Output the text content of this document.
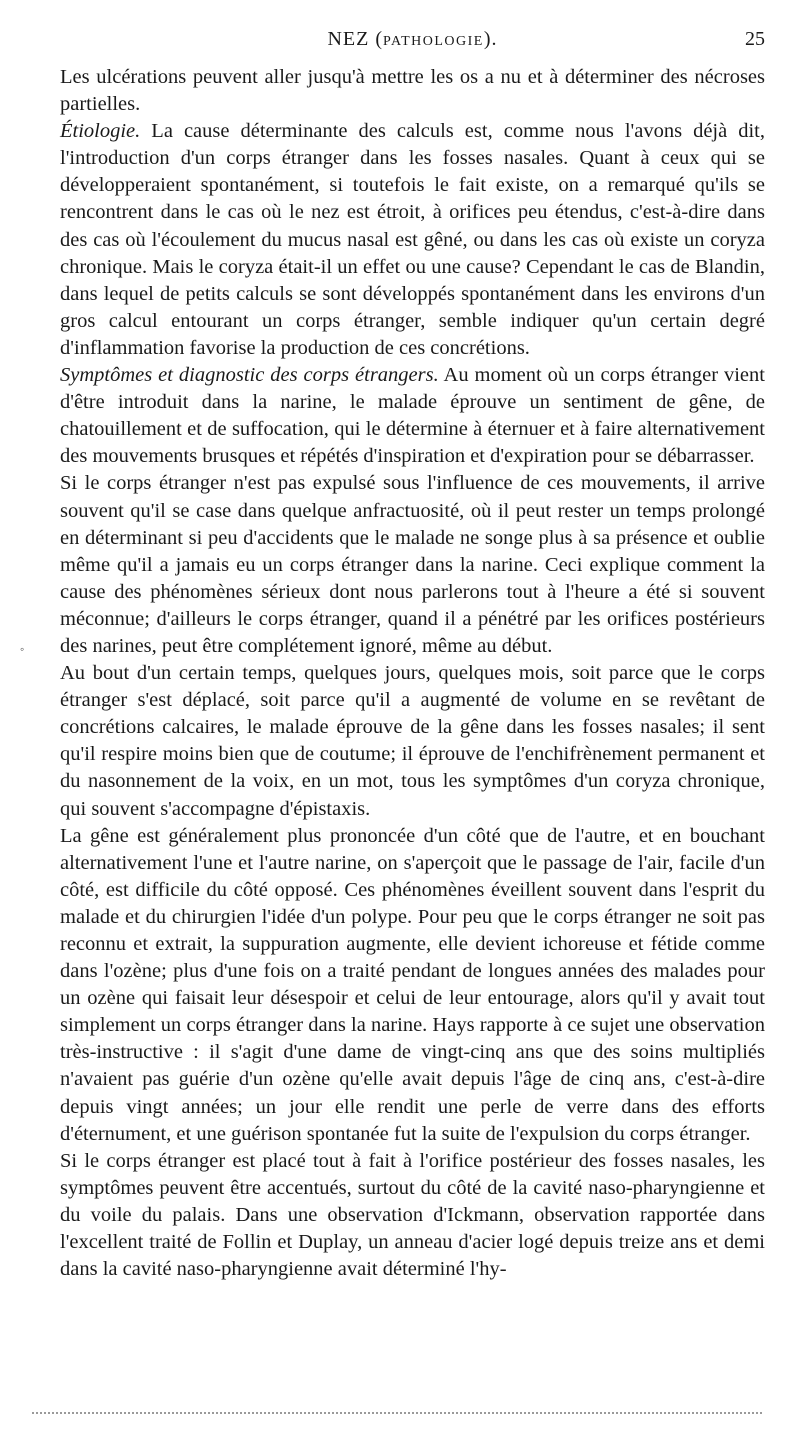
NEZ (PATHOLOGIE).	25
◦

Les ulcérations peuvent aller jusqu'à mettre les os a nu et à déterminer des nécroses partielles.

Étiologie. La cause déterminante des calculs est, comme nous l'avons déjà dit, l'introduction d'un corps étranger dans les fosses nasales. Quant à ceux qui se développeraient spontanément, si toutefois le fait existe, on a remarqué qu'ils se rencontrent dans le cas où le nez est étroit, à orifices peu étendus, c'est-à-dire dans des cas où l'écoulement du mucus nasal est gêné, ou dans les cas où existe un coryza chronique. Mais le coryza était-il un effet ou une cause? Cependant le cas de Blandin, dans lequel de petits calculs se sont développés spontanément dans les environs d'un gros calcul entourant un corps étranger, semble indiquer qu'un certain degré d'inflammation favorise la production de ces concrétions.

Symptômes et diagnostic des corps étrangers. Au moment où un corps étranger vient d'être introduit dans la narine, le malade éprouve un sentiment de gêne, de chatouillement et de suffocation, qui le détermine à éternuer et à faire alternativement des mouvements brusques et répétés d'inspiration et d'expiration pour se débarrasser.

Si le corps étranger n'est pas expulsé sous l'influence de ces mouvements, il arrive souvent qu'il se case dans quelque anfractuosité, où il peut rester un temps prolongé en déterminant si peu d'accidents que le malade ne songe plus à sa présence et oublie même qu'il a jamais eu un corps étranger dans la narine. Ceci explique comment la cause des phénomènes sérieux dont nous parlerons tout à l'heure a été si souvent méconnue; d'ailleurs le corps étranger, quand il a pénétré par les orifices postérieurs des narines, peut être complétement ignoré, même au début.

Au bout d'un certain temps, quelques jours, quelques mois, soit parce que le corps étranger s'est déplacé, soit parce qu'il a augmenté de volume en se revêtant de concrétions calcaires, le malade éprouve de la gêne dans les fosses nasales; il sent qu'il respire moins bien que de coutume; il éprouve de l'enchifrènement permanent et du nasonnement de la voix, en un mot, tous les symptômes d'un coryza chronique, qui souvent s'accompagne d'épistaxis.

La gêne est généralement plus prononcée d'un côté que de l'autre, et en bouchant alternativement l'une et l'autre narine, on s'aperçoit que le passage de l'air, facile d'un côté, est difficile du côté opposé. Ces phénomènes éveillent souvent dans l'esprit du malade et du chirurgien l'idée d'un polype. Pour peu que le corps étranger ne soit pas reconnu et extrait, la suppuration augmente, elle devient ichoreuse et fétide comme dans l'ozène; plus d'une fois on a traité pendant de longues années des malades pour un ozène qui faisait leur désespoir et celui de leur entourage, alors qu'il y avait tout simplement un corps étranger dans la narine. Hays rapporte à ce sujet une observation très-instructive : il s'agit d'une dame de vingt-cinq ans que des soins multipliés n'avaient pas guérie d'un ozène qu'elle avait depuis l'âge de cinq ans, c'est-à-dire depuis vingt années; un jour elle rendit une perle de verre dans des efforts d'éternument, et une guérison spontanée fut la suite de l'expulsion du corps étranger.

Si le corps étranger est placé tout à fait à l'orifice postérieur des fosses nasales, les symptômes peuvent être accentués, surtout du côté de la cavité naso-pharyngienne et du voile du palais. Dans une observation d'Ickmann, observation rapportée dans l'excellent traité de Follin et Duplay, un anneau d'acier logé depuis treize ans et demi dans la cavité naso-pharyngienne avait déterminé l'hy-
